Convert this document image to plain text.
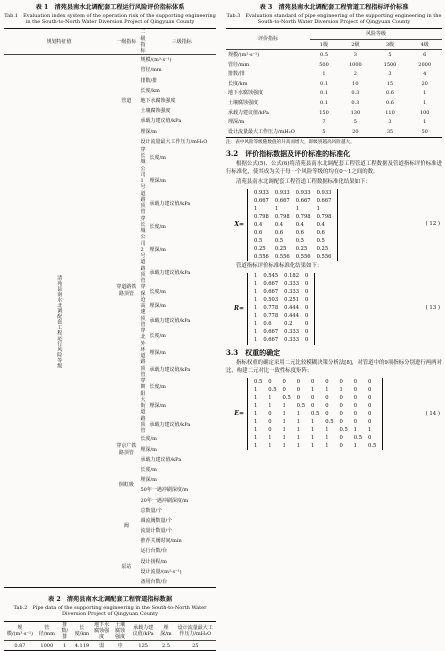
表 1　清苑县南水北调配套工程运行风险评价指标体系
Tab.1　Evaluation index system of the operation risk of the supporting engineering in the South-to-North Water Diversion Project of Qingyuan County
规划特征值	一级指标	二级指标	三级指标
清苑县南水北调配套工程运行风险等级	管道	规模/(m³·s⁻¹)	
		管径/mm	
		排数/排	
		长度/km	
		地下水腐蚀强度	
		土壤腐蚀强度	
		承载力建议值/kPa	
		埋深/m	
		设计流量最大工作压力/mH₂O	
	穿道路铁路顶管	穿长城公司1号道路顶管	长度/m
			埋深/m
			承载力建议值/kPa
		穿长城公司2号道路顶管	长度/m
			埋深/m
			承载力建议值/kPa
		穿保沧高速顶管	长度/m
			埋深/m
			承载力建议值/kPa
		穿北外环道路顶管	长度/m
			埋深/m
			承载力建议值/kPa
		穿朝阳大街道路顶管	长度/m
			埋深/m
			承载力建议值/kPa
	穿京广铁路顶管	长度/m	
		埋深/m	
		承载力建议值/kPa	
	倒虹吸	长度/m	
		埋深/m	
		50年一遇冲刷深度/m	
		20年一遇冲刷深度/m	
	阀	总数量/个	
		调流阀数量/个	
		流量计数量/个	
		推荐关阀时间/min	
	泵站	运行台数/台	
		设计扬程/m	
		设计流量/(m³·s⁻¹)	
		备用台数/台	
表 2　清苑县南水北调配套工程管道指标数据
Tab.2　Pipe data of the supporting engineering in the South-to-North Water Diversion Project of Qingyuan County
规模/(m³·s⁻¹)	管径/mm	排数/排	长度/km	地下水腐蚀强度	土壤腐蚀强度	承载力建议值/kPa	埋深/m	设计流量最大工作压力/mH₂O
0.87	1000	1	4.119	弱	中	125	2.5	25
表 3　清苑县南水北调配套工程管道工程指标评价标准
Tab.3　Evaluation standard of pipe engineering of the supporting engineering in the South-to-North Water Diversion Project of Qingyuan County
评价指标	风险等级			
	1级	2级	3级	4级
规模/(m³·s⁻¹)	0.5	3	5	6
管径/mm	500	1000	1500	2000
排数/排	1	2	3	4
长度/km	0.1	10	15	20
地下水腐蚀强度	0.1	0.3	0.6	1
土壤腐蚀强度	0.1	0.3	0.6	1
承载力建议值/kPa	150	130	110	100
埋深/m	7	5	3	1
设计流量最大工作压力/mH₂O	5	20	35	50
注：表中风险等级随数值的升高而增大，即级别越高风险越大。
3.2　评价指标数据及评价标准的标准化
根据公式(5)、公式(6)将清苑县南水北调配套工程管道工程数据及管道指标评价标准进行标准化，使其成为关于每一个风险等级的均在0～1之间的数。
清苑县南水北调配套工程管道工程数据标准化结果如下：
X=
0.933	0.933	0.933	0.933
0.667	0.667	0.667	0.667
1	1	1	1
0.798	0.798	0.798	0.798
0.4	0.4	0.4	0.4
0.6	0.6	0.6	0.6
0.5	0.5	0.5	0.5
0.25	0.25	0.25	0.25
0.556	0.556	0.556	0.556
( 12 )
管道指标评价标准标准化结果如下：
R=
1	0.545	0.182	0
1	0.667	0.333	0
1	0.667	0.333	0
1	0.503	0.251	0
1	0.778	0.444	0
1	0.778	0.444	0
1	0.6	0.2	0
1	0.667	0.333	0
1	0.667	0.333	0
( 13 )
3.3　权重的确定
指标权重的确定采用二元比较模糊决策分析法[8]，对管道中的9项指标分别进行两两对比，构建二元对比一致性标度矩阵：
E=
0.5	0	0	0	0	0	0	0	0
1	0.5	0	0	1	1	1	0	0
1	1	0.5	0	0	0	0	0	0
1	1	1	0.5	0	0	0	0	0
1	0	1	1	0.5	0	0	0	0
1	0	1	1	1	0.5	0	0	0
1	0	1	1	1	1	0.5	1	1
1	1	1	1	1	1	0	0.5	0
1	1	1	1	1	1	0	1	0.5
( 14 )
